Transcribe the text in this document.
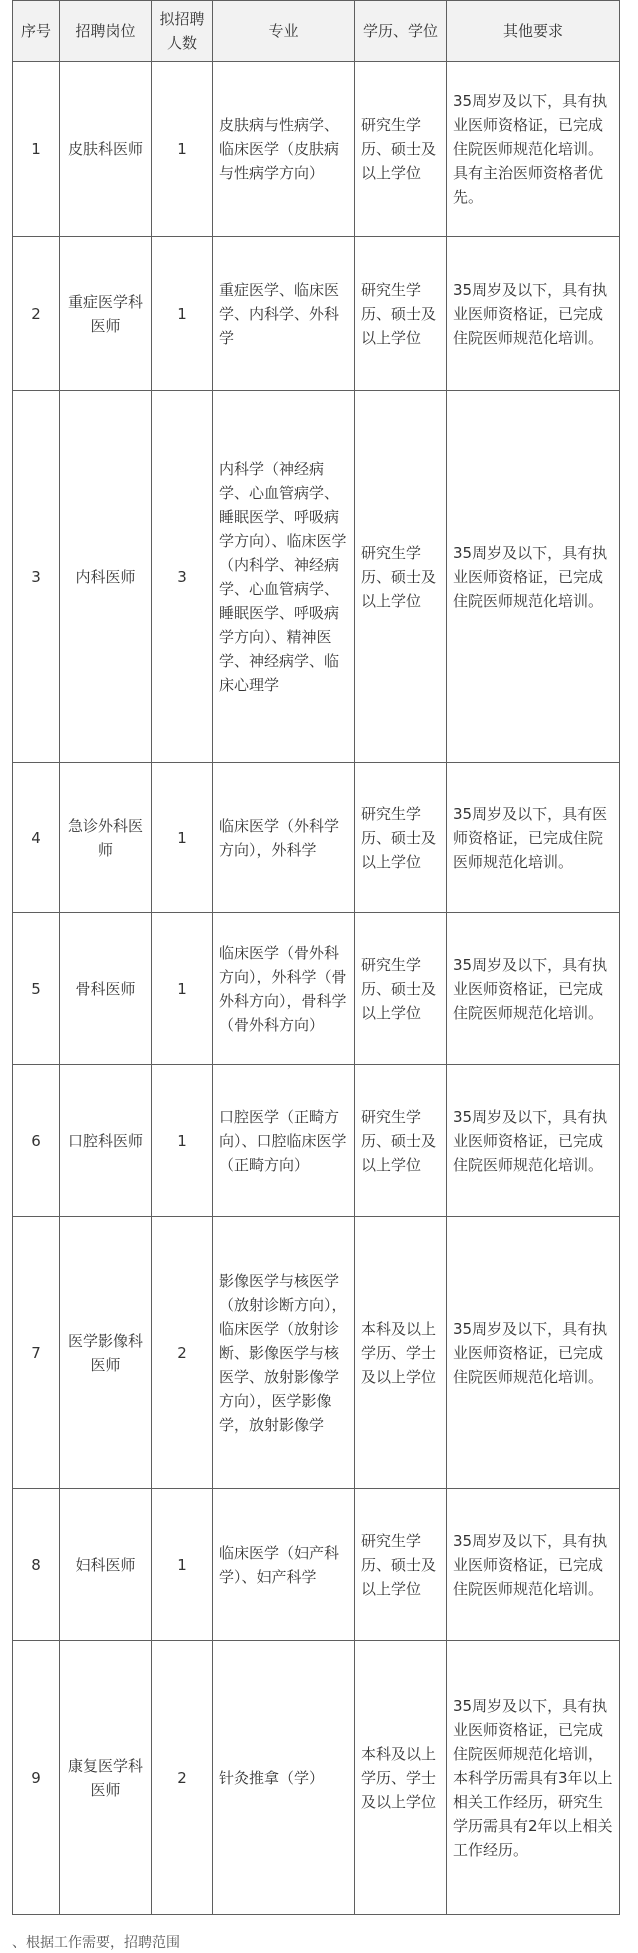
序号	招聘岗位	拟招聘人数	专业	学历、学位	其他要求
1	皮肤科医师	1	皮肤病与性病学、临床医学（皮肤病与性病学方向）	研究生学历、硕士及以上学位	35周岁及以下，具有执业医师资格证，已完成住院医师规范化培训。具有主治医师资格者优先。
2	重症医学科医师	1	重症医学、临床医学、内科学、外科学	研究生学历、硕士及以上学位	35周岁及以下，具有执业医师资格证，已完成住院医师规范化培训。
3	内科医师	3	内科学（神经病学、心血管病学、睡眠医学、呼吸病学方向）、临床医学（内科学、神经病学、心血管病学、睡眠医学、呼吸病学方向）、精神医学、神经病学、临床心理学	研究生学历、硕士及以上学位	35周岁及以下，具有执业医师资格证，已完成住院医师规范化培训。
4	急诊外科医师	1	临床医学（外科学方向），外科学	研究生学历、硕士及以上学位	35周岁及以下，具有医师资格证，已完成住院医师规范化培训。
5	骨科医师	1	临床医学（骨外科方向），外科学（骨外科方向），骨科学（骨外科方向）	研究生学历、硕士及以上学位	35周岁及以下，具有执业医师资格证，已完成住院医师规范化培训。
6	口腔科医师	1	口腔医学（正畸方向）、口腔临床医学（正畸方向）	研究生学历、硕士及以上学位	35周岁及以下，具有执业医师资格证，已完成住院医师规范化培训。
7	医学影像科医师	2	影像医学与核医学（放射诊断方向），临床医学（放射诊断、影像医学与核医学、放射影像学方向），医学影像学，放射影像学	本科及以上学历、学士及以上学位	35周岁及以下，具有执业医师资格证，已完成住院医师规范化培训。
8	妇科医师	1	临床医学（妇产科学）、妇产科学	研究生学历、硕士及以上学位	35周岁及以下，具有执业医师资格证，已完成住院医师规范化培训。
9	康复医学科医师	2	针灸推拿（学）	本科及以上学历、学士及以上学位	35周岁及以下，具有执业医师资格证，已完成住院医师规范化培训，本科学历需具有3年以上相关工作经历，研究生学历需具有2年以上相关工作经历。
、根据工作需要，招聘范围
